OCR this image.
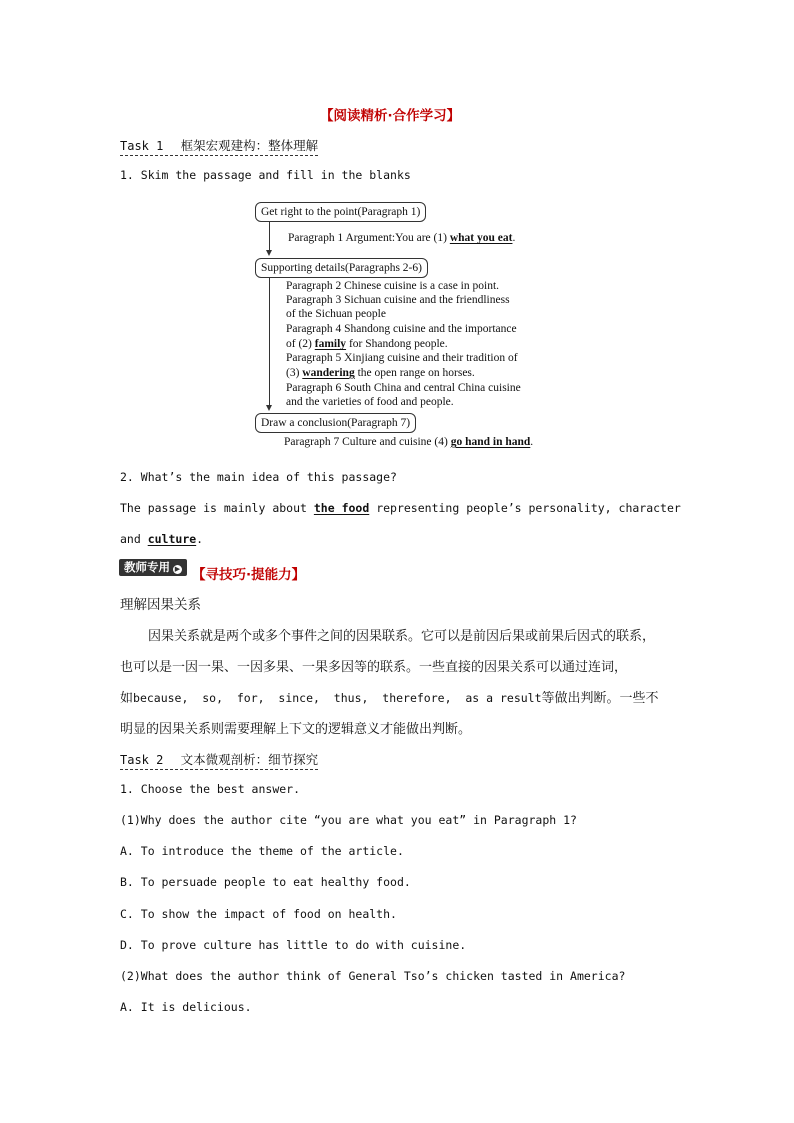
【阅读精析·合作学习】
Task 1 框架宏观建构：整体理解
1. Skim the passage and fill in the blanks
Get right to the point(Paragraph 1)
Paragraph 1 Argument:You are (1) what you eat.
Supporting details(Paragraphs 2-6)
Paragraph 2 Chinese cuisine is a case in point.
Paragraph 3 Sichuan cuisine and the friendliness
of the Sichuan people
Paragraph 4 Shandong cuisine and the importance
of (2) family for Shandong people.
Paragraph 5 Xinjiang cuisine and their tradition of
(3) wandering the open range on horses.
Paragraph 6 South China and central China cuisine
and the varieties of food and people.
Draw a conclusion(Paragraph 7)
Paragraph 7 Culture and cuisine (4) go hand in hand.
2. What’s the main idea of this passage?
The passage is mainly about the food representing people’s personality, character
and culture.
教师专用 ▶ 【寻技巧·提能力】
理解因果关系
因果关系就是两个或多个事件之间的因果联系。它可以是前因后果或前果后因式的联系，
也可以是一因一果、一因多果、一果多因等的联系。一些直接的因果关系可以通过连词，
如because,  so,  for,  since,  thus,  therefore,  as a result等做出判断。一些不
明显的因果关系则需要理解上下文的逻辑意义才能做出判断。
Task 2 文本微观剖析：细节探究
1. Choose the best answer.
(1)Why does the author cite “you are what you eat” in Paragraph 1?
A. To introduce the theme of the article.
B. To persuade people to eat healthy food.
C. To show the impact of food on health.
D. To prove culture has little to do with cuisine.
(2)What does the author think of General Tso’s chicken tasted in America?
A. It is delicious.
